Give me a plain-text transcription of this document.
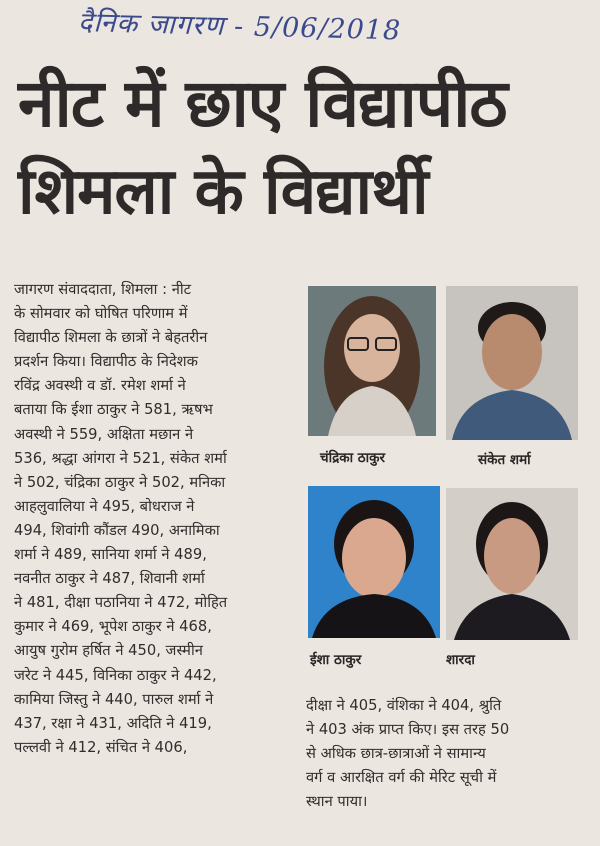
दैनिक जागरण - 5/06/2018
नीट में छाए विद्यापीठ
शिमला के विद्यार्थी
जागरण संवाददाता, शिमला : नीट
के सोमवार को घोषित परिणाम में
विद्यापीठ शिमला के छात्रों ने बेहतरीन
प्रदर्शन किया। विद्यापीठ के निदेशक
रविंद्र अवस्थी व डॉ. रमेश शर्मा ने
बताया कि ईशा ठाकुर ने 581, ऋषभ
अवस्थी ने 559, अक्षिता मछान ने
536, श्रद्धा आंगरा ने 521, संकेत शर्मा
ने 502, चंद्रिका ठाकुर ने 502, मनिका
आहलुवालिया ने 495, बोधराज ने
494, शिवांगी कौंडल 490, अनामिका
शर्मा ने 489, सानिया शर्मा ने 489,
नवनीत ठाकुर ने 487, शिवानी शर्मा
ने 481, दीक्षा पठानिया ने 472, मोहित
कुमार ने 469, भूपेश ठाकुर ने 468,
आयुष गुरोम हर्षित ने 450, जस्मीन
जरेट ने 445, विनिका ठाकुर ने 442,
कामिया जिस्तु ने 440, पारुल शर्मा ने
437, रक्षा ने 431, अदिति ने 419,
पल्लवी ने 412, संचित ने 406,
चंद्रिका ठाकुर	संकेत शर्मा
ईशा ठाकुर	शारदा
दीक्षा ने 405, वंशिका ने 404, श्रुति
ने 403 अंक प्राप्त किए। इस तरह 50
से अधिक छात्र-छात्राओं ने सामान्य
वर्ग व आरक्षित वर्ग की मेरिट सूची में
स्थान पाया।
